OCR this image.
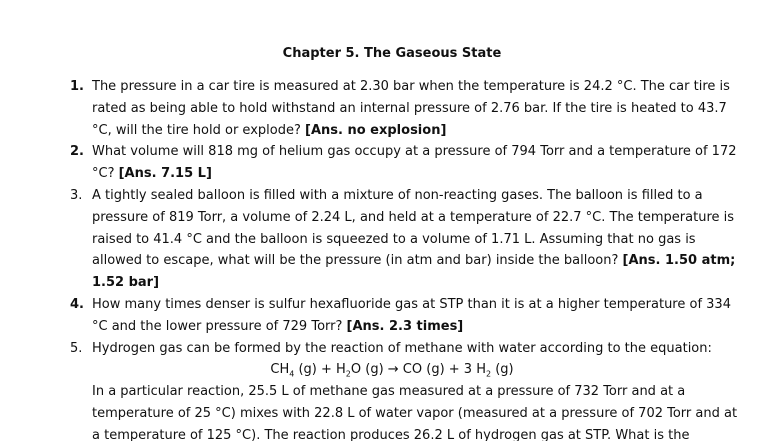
Chapter 5. The Gaseous State
1. The pressure in a car tire is measured at 2.30 bar when the temperature is 24.2 °C. The car tire is rated as being able to hold withstand an internal pressure of 2.76 bar. If the tire is heated to 43.7 °C, will the tire hold or explode? [Ans. no explosion]
2. What volume will 818 mg of helium gas occupy at a pressure of 794 Torr and a temperature of 172 °C? [Ans. 7.15 L]
3. A tightly sealed balloon is filled with a mixture of non-reacting gases. The balloon is filled to a pressure of 819 Torr, a volume of 2.24 L, and held at a temperature of 22.7 °C. The temperature is raised to 41.4 °C and the balloon is squeezed to a volume of 1.71 L. Assuming that no gas is allowed to escape, what will be the pressure (in atm and bar) inside the balloon? [Ans. 1.50 atm; 1.52 bar]
4. How many times denser is sulfur hexafluoride gas at STP than it is at a higher temperature of 334 °C and the lower pressure of 729 Torr? [Ans. 2.3 times]
5. Hydrogen gas can be formed by the reaction of methane with water according to the equation:
$CH_4$ $(g) + H_2O$ (g) → CO (g) + 3 $H_2$ (g)
In a particular reaction, 25.5 L of methane gas measured at a pressure of 732 Torr and at a temperature of 25 °C) mixes with 22.8 L of water vapor (measured at a pressure of 702 Torr and at a temperature of 125 °C). The reaction produces 26.2 L of hydrogen gas at STP. What is the
